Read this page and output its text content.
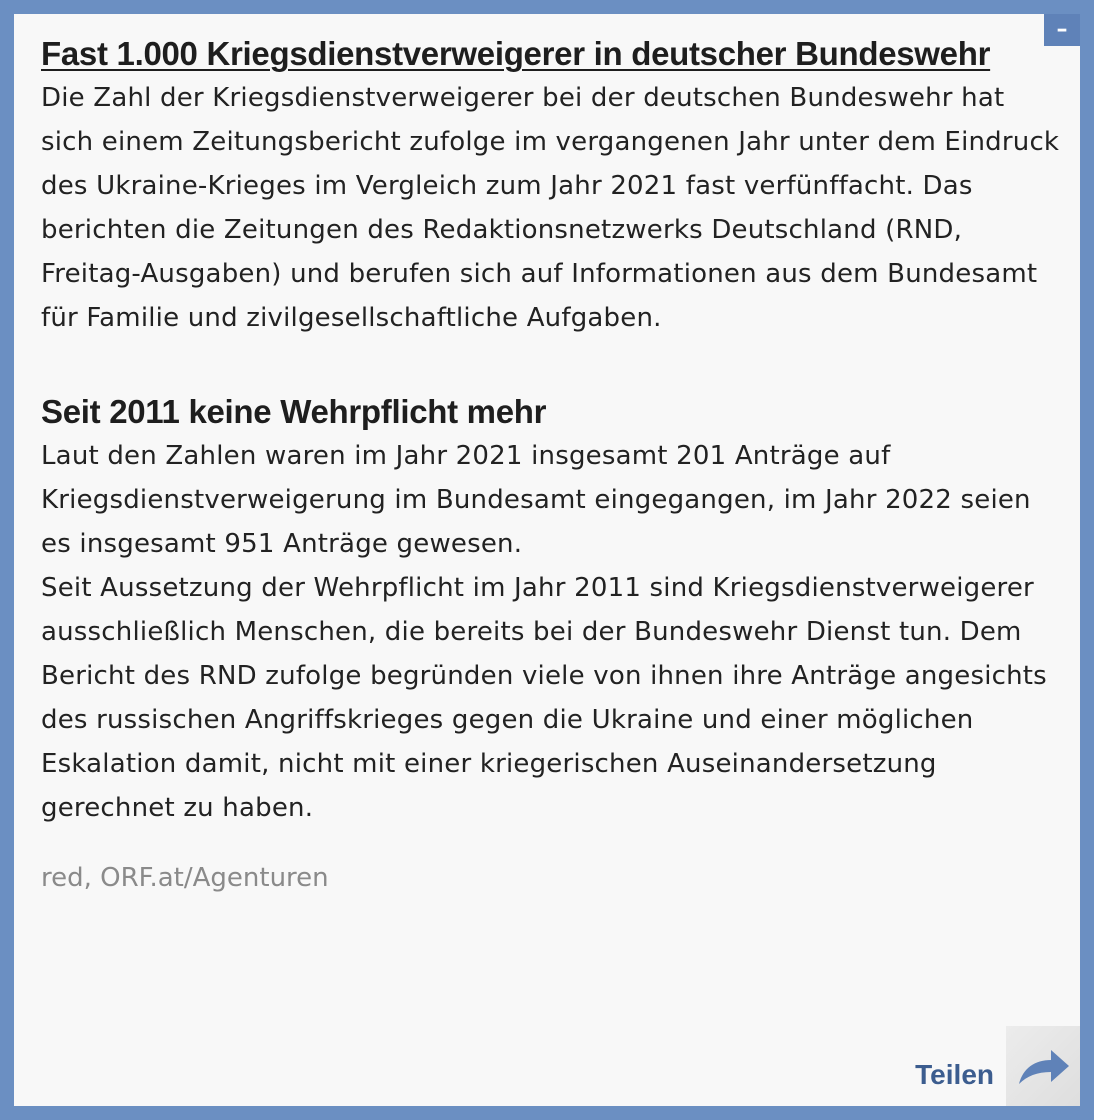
–
Fast 1.000 Kriegsdienstverweigerer in deutscher Bundeswehr

Die Zahl der Kriegsdienstverweigerer bei der deutschen Bundeswehr hat sich einem Zeitungsbericht zufolge im vergangenen Jahr unter dem Eindruck des Ukraine-Krieges im Vergleich zum Jahr 2021 fast verfünffacht. Das berichten die Zeitungen des Redaktionsnetzwerks Deutschland (RND, Freitag-Ausgaben) und berufen sich auf Informationen aus dem Bundesamt für Familie und zivilgesellschaftliche Aufgaben.

Seit 2011 keine Wehrpflicht mehr

Laut den Zahlen waren im Jahr 2021 insgesamt 201 Anträge auf Kriegsdienstverweigerung im Bundesamt eingegangen, im Jahr 2022 seien es insgesamt 951 Anträge gewesen.

Seit Aussetzung der Wehrpflicht im Jahr 2011 sind Kriegsdienstverweigerer ausschließlich Menschen, die bereits bei der Bundeswehr Dienst tun. Dem Bericht des RND zufolge begründen viele von ihnen ihre Anträge angesichts des russischen Angriffskrieges gegen die Ukraine und einer möglichen Eskalation damit, nicht mit einer kriegerischen Auseinandersetzung gerechnet zu haben.

red, ORF.at/Agenturen
Teilen
